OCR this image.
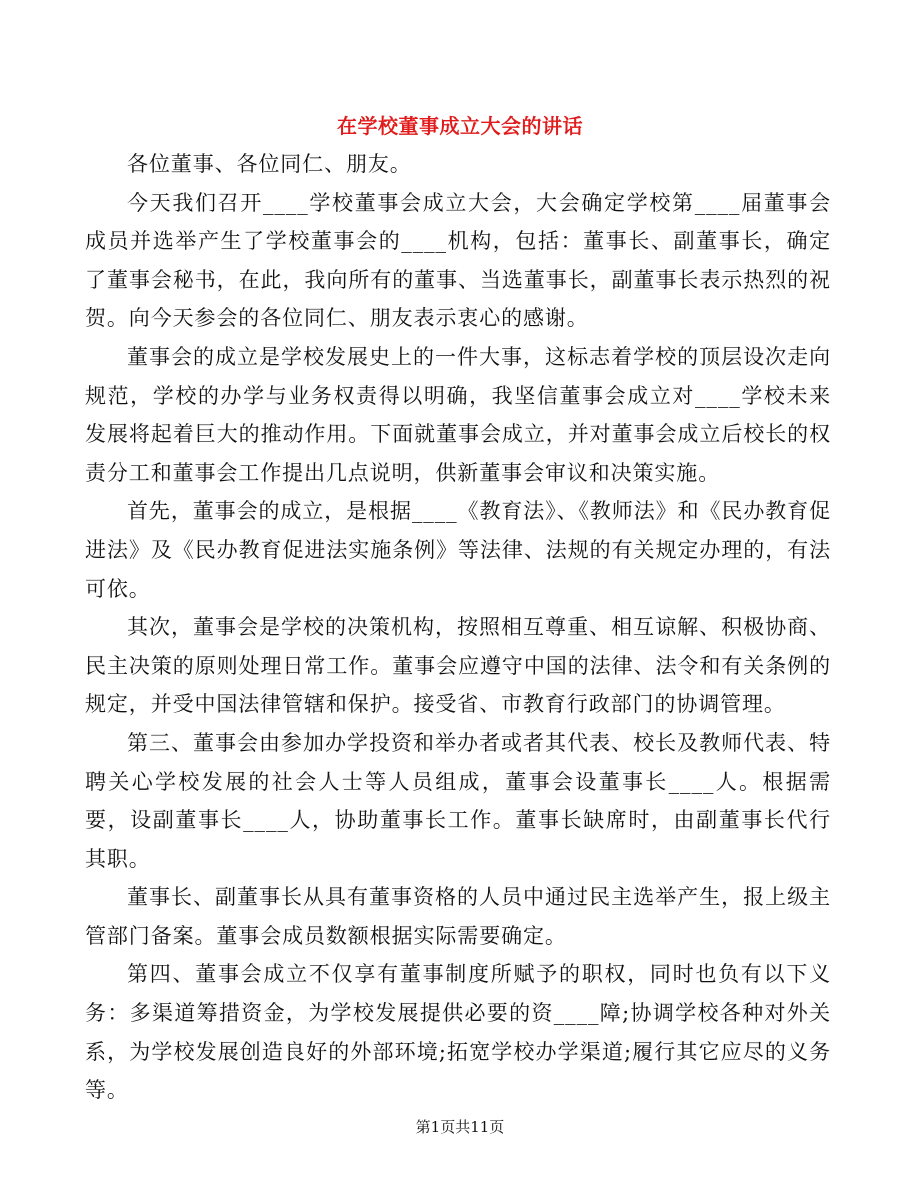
在学校董事成立大会的讲话

各位董事、各位同仁、朋友。

今天我们召开____学校董事会成立大会，大会确定学校第____届董事会成员并选举产生了学校董事会的____机构，包括：董事长、副董事长，确定了董事会秘书，在此，我向所有的董事、当选董事长，副董事长表示热烈的祝贺。向今天参会的各位同仁、朋友表示衷心的感谢。

董事会的成立是学校发展史上的一件大事，这标志着学校的顶层设次走向规范，学校的办学与业务权责得以明确，我坚信董事会成立对____学校未来发展将起着巨大的推动作用。下面就董事会成立，并对董事会成立后校长的权责分工和董事会工作提出几点说明，供新董事会审议和决策实施。

首先，董事会的成立，是根据____《教育法》、《教师法》和《民办教育促进法》及《民办教育促进法实施条例》等法律、法规的有关规定办理的，有法可依。

其次，董事会是学校的决策机构，按照相互尊重、相互谅解、积极协商、民主决策的原则处理日常工作。董事会应遵守中国的法律、法令和有关条例的规定，并受中国法律管辖和保护。接受省、市教育行政部门的协调管理。

第三、董事会由参加办学投资和举办者或者其代表、校长及教师代表、特聘关心学校发展的社会人士等人员组成，董事会设董事长____人。根据需要，设副董事长____人，协助董事长工作。董事长缺席时，由副董事长代行其职。

董事长、副董事长从具有董事资格的人员中通过民主选举产生，报上级主管部门备案。董事会成员数额根据实际需要确定。

第四、董事会成立不仅享有董事制度所赋予的职权，同时也负有以下义务：多渠道筹措资金，为学校发展提供必要的资____障;协调学校各种对外关系，为学校发展创造良好的外部环境;拓宽学校办学渠道;履行其它应尽的义务等。

第1页共11页
